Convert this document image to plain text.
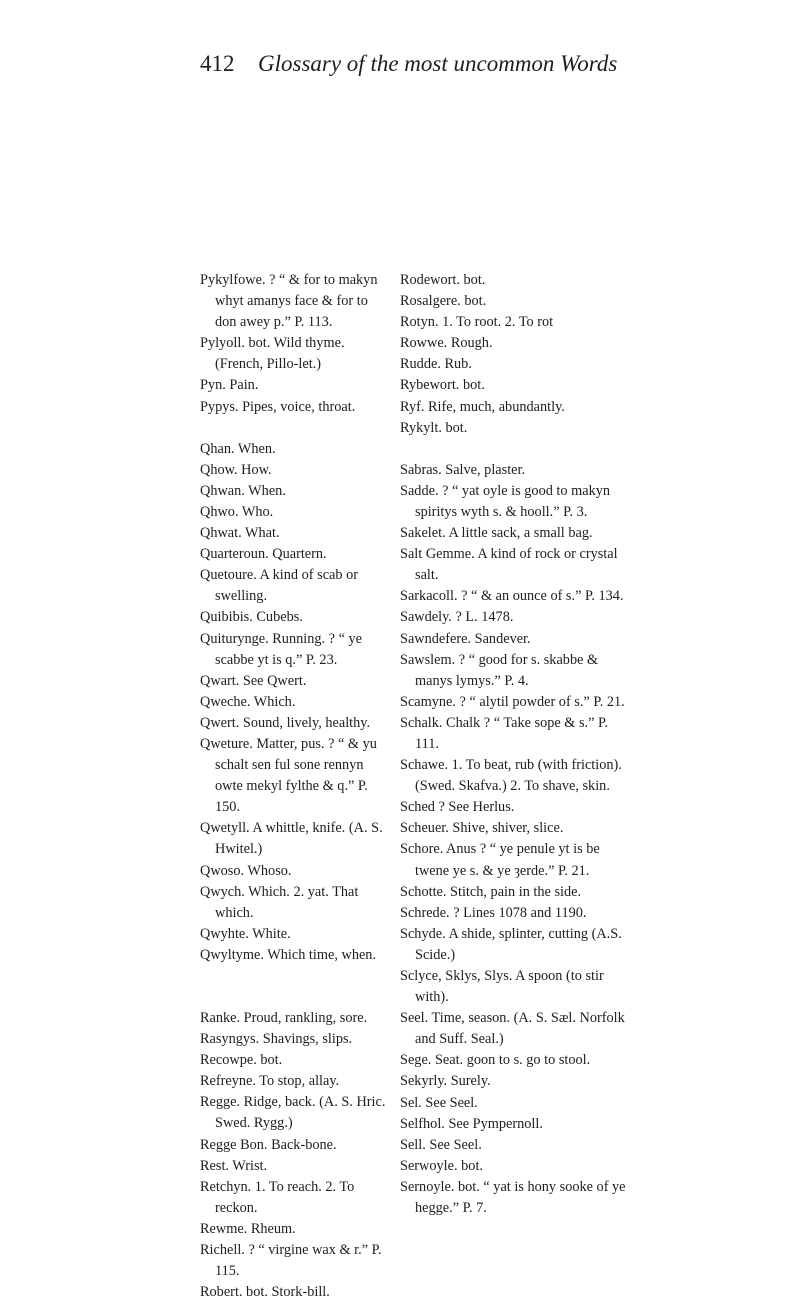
412 Glossary of the most uncommon Words
Pykylfowe. ? “ & for to makyn whyt amanys face & for to don awey p.” P. 113.
Pylyoll. bot. Wild thyme. (French, Pillo-let.)
Pyn. Pain.
Pypys. Pipes, voice, throat.
Qhan. When.
Qhow. How.
Qhwan. When.
Qhwo. Who.
Qhwat. What.
Quarteroun. Quartern.
Quetoure. A kind of scab or swelling.
Quibibis. Cubebs.
Quiturynge. Running. ? “ ye scabbe yt is q.” P. 23.
Qwart. See Qwert.
Qweche. Which.
Qwert. Sound, lively, healthy.
Qweture. Matter, pus. ? “ & yu schalt sen ful sone rennyn owte mekyl fylthe & q.” P. 150.
Qwetyll. A whittle, knife. (A. S. Hwitel.)
Qwoso. Whoso.
Qwych. Which. 2. yat. That which.
Qwyhte. White.
Qwyltyme. Which time, when.
Ranke. Proud, rankling, sore.
Rasyngys. Shavings, slips.
Recowpe. bot.
Refreyne. To stop, allay.
Regge. Ridge, back. (A. S. Hric. Swed. Rygg.)
Regge Bon. Back-bone.
Rest. Wrist.
Retchyn. 1. To reach. 2. To reckon.
Rewme. Rheum.
Richell. ? “ virgine wax & r.” P. 115.
Robert. bot. Stork-bill.
Rodewort. bot.
Rosalgere. bot.
Rotyn. 1. To root. 2. To rot
Rowwe. Rough.
Rudde. Rub.
Rybewort. bot.
Ryf. Rife, much, abundantly.
Rykylt. bot.
Sabras. Salve, plaster.
Sadde. ? “ yat oyle is good to makyn spiritys wyth s. & hooll.” P. 3.
Sakelet. A little sack, a small bag.
Salt Gemme. A kind of rock or crystal salt.
Sarkacoll. ? “ & an ounce of s.” P. 134.
Sawdely. ? L. 1478.
Sawndefere. Sandever.
Sawslem. ? “ good for s. skabbe & manys lymys.” P. 4.
Scamyne. ? “ alytil powder of s.” P. 21.
Schalk. Chalk ? “ Take sope & s.” P. 111.
Schawe. 1. To beat, rub (with friction). (Swed. Skafva.) 2. To shave, skin.
Sched ? See Herlus.
Scheuer. Shive, shiver, slice.
Schore. Anus ? “ ye penule yt is be twene ye s. & ye ȝerde.” P. 21.
Schotte. Stitch, pain in the side.
Schrede. ? Lines 1078 and 1190.
Schyde. A shide, splinter, cutting (A.S. Scide.)
Sclyce, Sklys, Slys. A spoon (to stir with).
Seel. Time, season. (A. S. Sæl. Norfolk and Suff. Seal.)
Sege. Seat. goon to s. go to stool.
Sekyrly. Surely.
Sel. See Seel.
Selfhol. See Pympernoll.
Sell. See Seel.
Serwoyle. bot.
Sernoyle. bot. “ yat is hony sooke of ye hegge.” P. 7.
